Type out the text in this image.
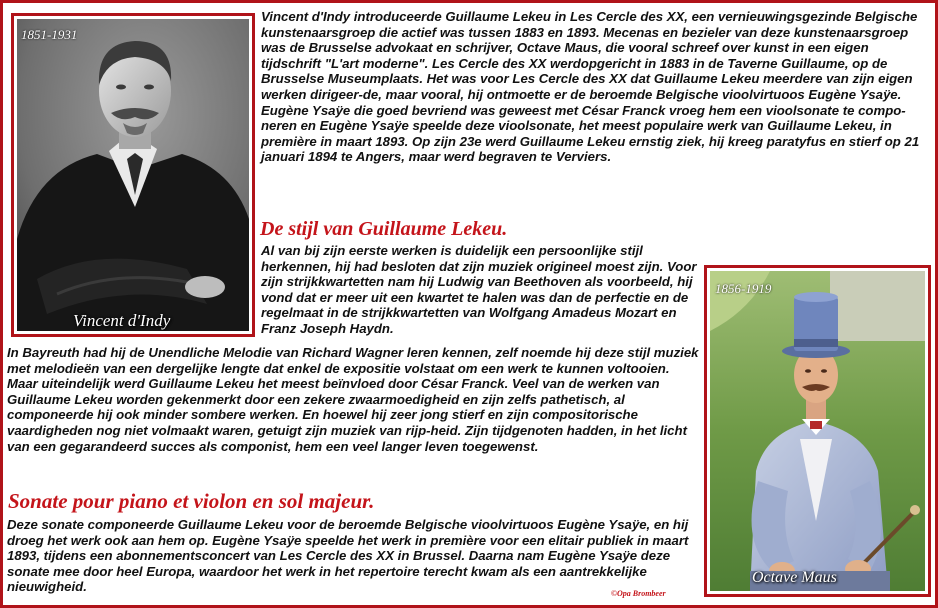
1851-1931
Vincent d'Indy

Vincent d'Indy introduceerde Guillaume Lekeu in Les Cercle des XX, een vernieuwingsgezinde Belgische kunstenaarsgroep die actief was tussen 1883 en 1893. Mecenas en bezieler van deze kunstenaarsgroep was de Brusselse advokaat en schrijver, Octave Maus, die vooral schreef over kunst in een eigen tijdschrift "L'art moderne". Les Cercle des XX werdopgericht in 1883 in de Taverne Guillaume, op de Brusselse Museumplaats. Het was voor Les Cercle des XX dat Guillaume Lekeu meerdere van zijn eigen werken dirigeer-de, maar vooral, hij ontmoette er de beroemde Belgische vioolvirtuoos Eugène Ysaÿe. Eugène Ysaÿe die goed bevriend was geweest met César Franck vroeg hem een vioolsonate te compo-neren en Eugène Ysaÿe speelde deze vioolsonate, het meest populaire werk van Guillaume Lekeu, in première in maart 1893. Op zijn 23e werd Guillaume Lekeu ernstig ziek, hij kreeg paratyfus en stierf op 21 januari 1894 te Angers, maar werd begraven te Verviers.

De stijl van Guillaume Lekeu.

Al van bij zijn eerste werken is duidelijk een persoonlijke stijl herkennen, hij had besloten dat zijn muziek origineel moest zijn. Voor zijn strijkkwartetten nam hij Ludwig van Beethoven als voorbeeld, hij vond dat er meer uit een kwartet te halen was dan de perfectie en de regelmaat in de strijkkwartetten van Wolfgang Amadeus Mozart en Franz Joseph Haydn.

1856-1919
Octave Maus

In Bayreuth had hij de Unendliche Melodie van Richard Wagner leren kennen, zelf noemde hij deze stijl muziek met melodieën van een dergelijke lengte dat enkel de expositie volstaat om een werk te kunnen voltooien. Maar uiteindelijk werd Guillaume Lekeu het meest beïnvloed door César Franck. Veel van de werken van Guillaume Lekeu worden gekenmerkt door een zekere zwaarmoedigheid en zijn zelfs pathetisch, al componeerde hij ook minder sombere werken. En hoewel hij zeer jong stierf en zijn compositorische vaardigheden nog niet volmaakt waren, getuigt zijn muziek van rijp-heid. Zijn tijdgenoten hadden, in het licht van een gegarandeerd succes als componist, hem een veel langer leven toegewenst.

Sonate pour piano et violon en sol majeur.

Deze sonate componeerde Guillaume Lekeu voor de beroemde Belgische vioolvirtuoos Eugène Ysaÿe, en hij droeg het werk ook aan hem op. Eugène Ysaÿe speelde het werk in première voor een elitair publiek in maart 1893, tijdens een abonnementsconcert van Les Cercle des XX in Brussel. Daarna nam Eugène Ysaÿe deze sonate mee door heel Europa, waardoor het werk in het repertoire terecht kwam als een aantrekkelijke nieuwigheid.	©Opa Brombeer
